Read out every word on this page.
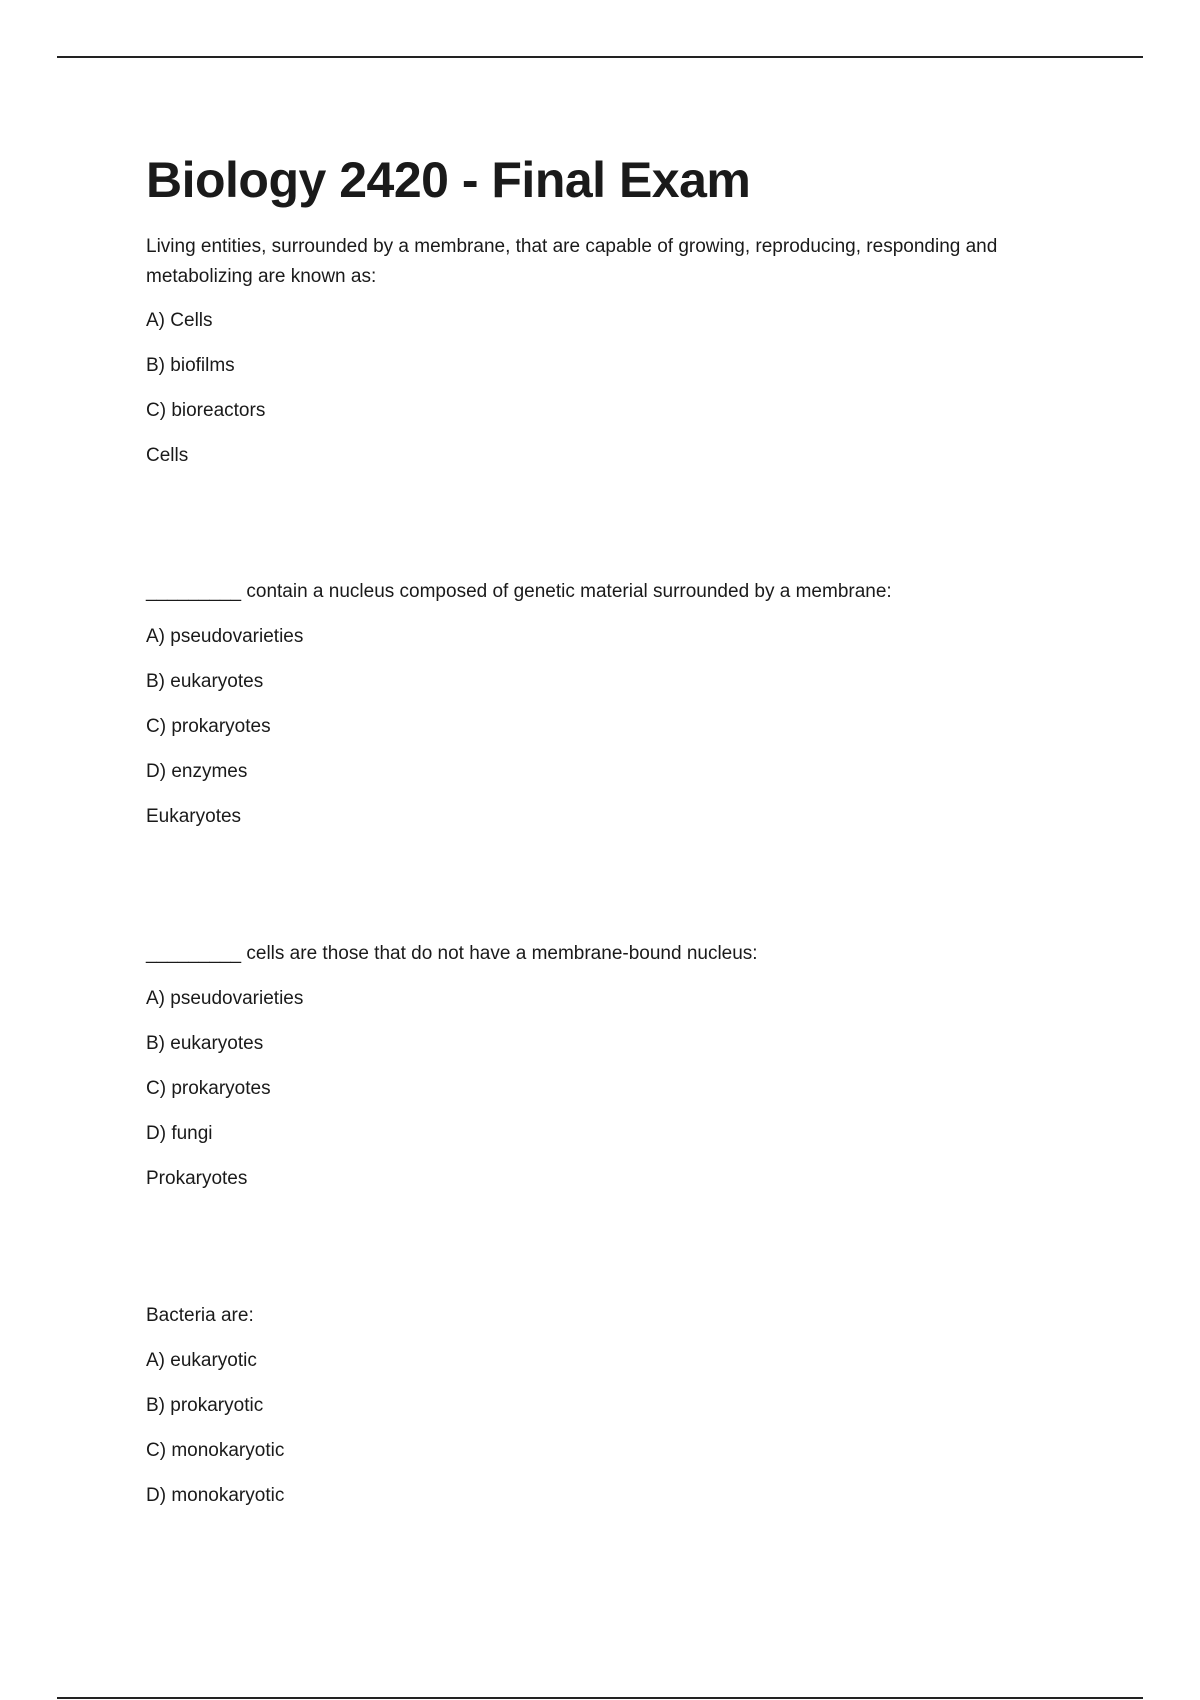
Biology 2420 - Final Exam

Living entities, surrounded by a membrane, that are capable of growing, reproducing, responding and metabolizing are known as:

A) Cells

B) biofilms

C) bioreactors

Cells

_________ contain a nucleus composed of genetic material surrounded by a membrane:

A) pseudovarieties

B) eukaryotes

C) prokaryotes

D) enzymes

Eukaryotes

_________ cells are those that do not have a membrane-bound nucleus:

A) pseudovarieties

B) eukaryotes

C) prokaryotes

D) fungi

Prokaryotes

Bacteria are:

A) eukaryotic

B) prokaryotic

C) monokaryotic

D) monokaryotic
